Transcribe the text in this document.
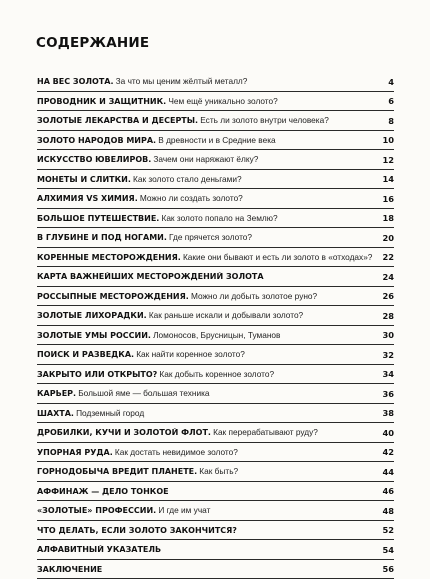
СОДЕРЖАНИЕ
НА ВЕС ЗОЛОТА. За что мы ценим жёлтый металл?	4
ПРОВОДНИК И ЗАЩИТНИК. Чем ещё уникально золото?	6
ЗОЛОТЫЕ ЛЕКАРСТВА И ДЕСЕРТЫ. Есть ли золото внутри человека?	8
ЗОЛОТО НАРОДОВ МИРА. В древности и в Средние века	10
ИСКУССТВО ЮВЕЛИРОВ. Зачем они наряжают ёлку?	12
МОНЕТЫ И СЛИТКИ. Как золото стало деньгами?	14
АЛХИМИЯ VS ХИМИЯ. Можно ли создать золото?	16
БОЛЬШОЕ ПУТЕШЕСТВИЕ. Как золото попало на Землю?	18
В ГЛУБИНЕ И ПОД НОГАМИ. Где прячется золото?	20
КОРЕННЫЕ МЕСТОРОЖДЕНИЯ. Какие они бывают и есть ли золото в «отходах»?	22
КАРТА ВАЖНЕЙШИХ МЕСТОРОЖДЕНИЙ ЗОЛОТА	24
РОССЫПНЫЕ МЕСТОРОЖДЕНИЯ. Можно ли добыть золотое руно?	26
ЗОЛОТЫЕ ЛИХОРАДКИ. Как раньше искали и добывали золото?	28
ЗОЛОТЫЕ УМЫ РОССИИ. Ломоносов, Брусницын, Туманов	30
ПОИСК И РАЗВЕДКА. Как найти коренное золото?	32
ЗАКРЫТО ИЛИ ОТКРЫТО? Как добыть коренное золото?	34
КАРЬЕР. Большой яме — большая техника	36
ШАХТА. Подземный город	38
ДРОБИЛКИ, КУЧИ И ЗОЛОТОЙ ФЛОТ. Как перерабатывают руду?	40
УПОРНАЯ РУДА. Как достать невидимое золото?	42
ГОРНОДОБЫЧА ВРЕДИТ ПЛАНЕТЕ. Как быть?	44
АФФИНАЖ — ДЕЛО ТОНКОЕ	46
«ЗОЛОТЫЕ» ПРОФЕССИИ. И где им учат	48
ЧТО ДЕЛАТЬ, ЕСЛИ ЗОЛОТО ЗАКОНЧИТСЯ?	52
АЛФАВИТНЫЙ УКАЗАТЕЛЬ	54
ЗАКЛЮЧЕНИЕ	56
